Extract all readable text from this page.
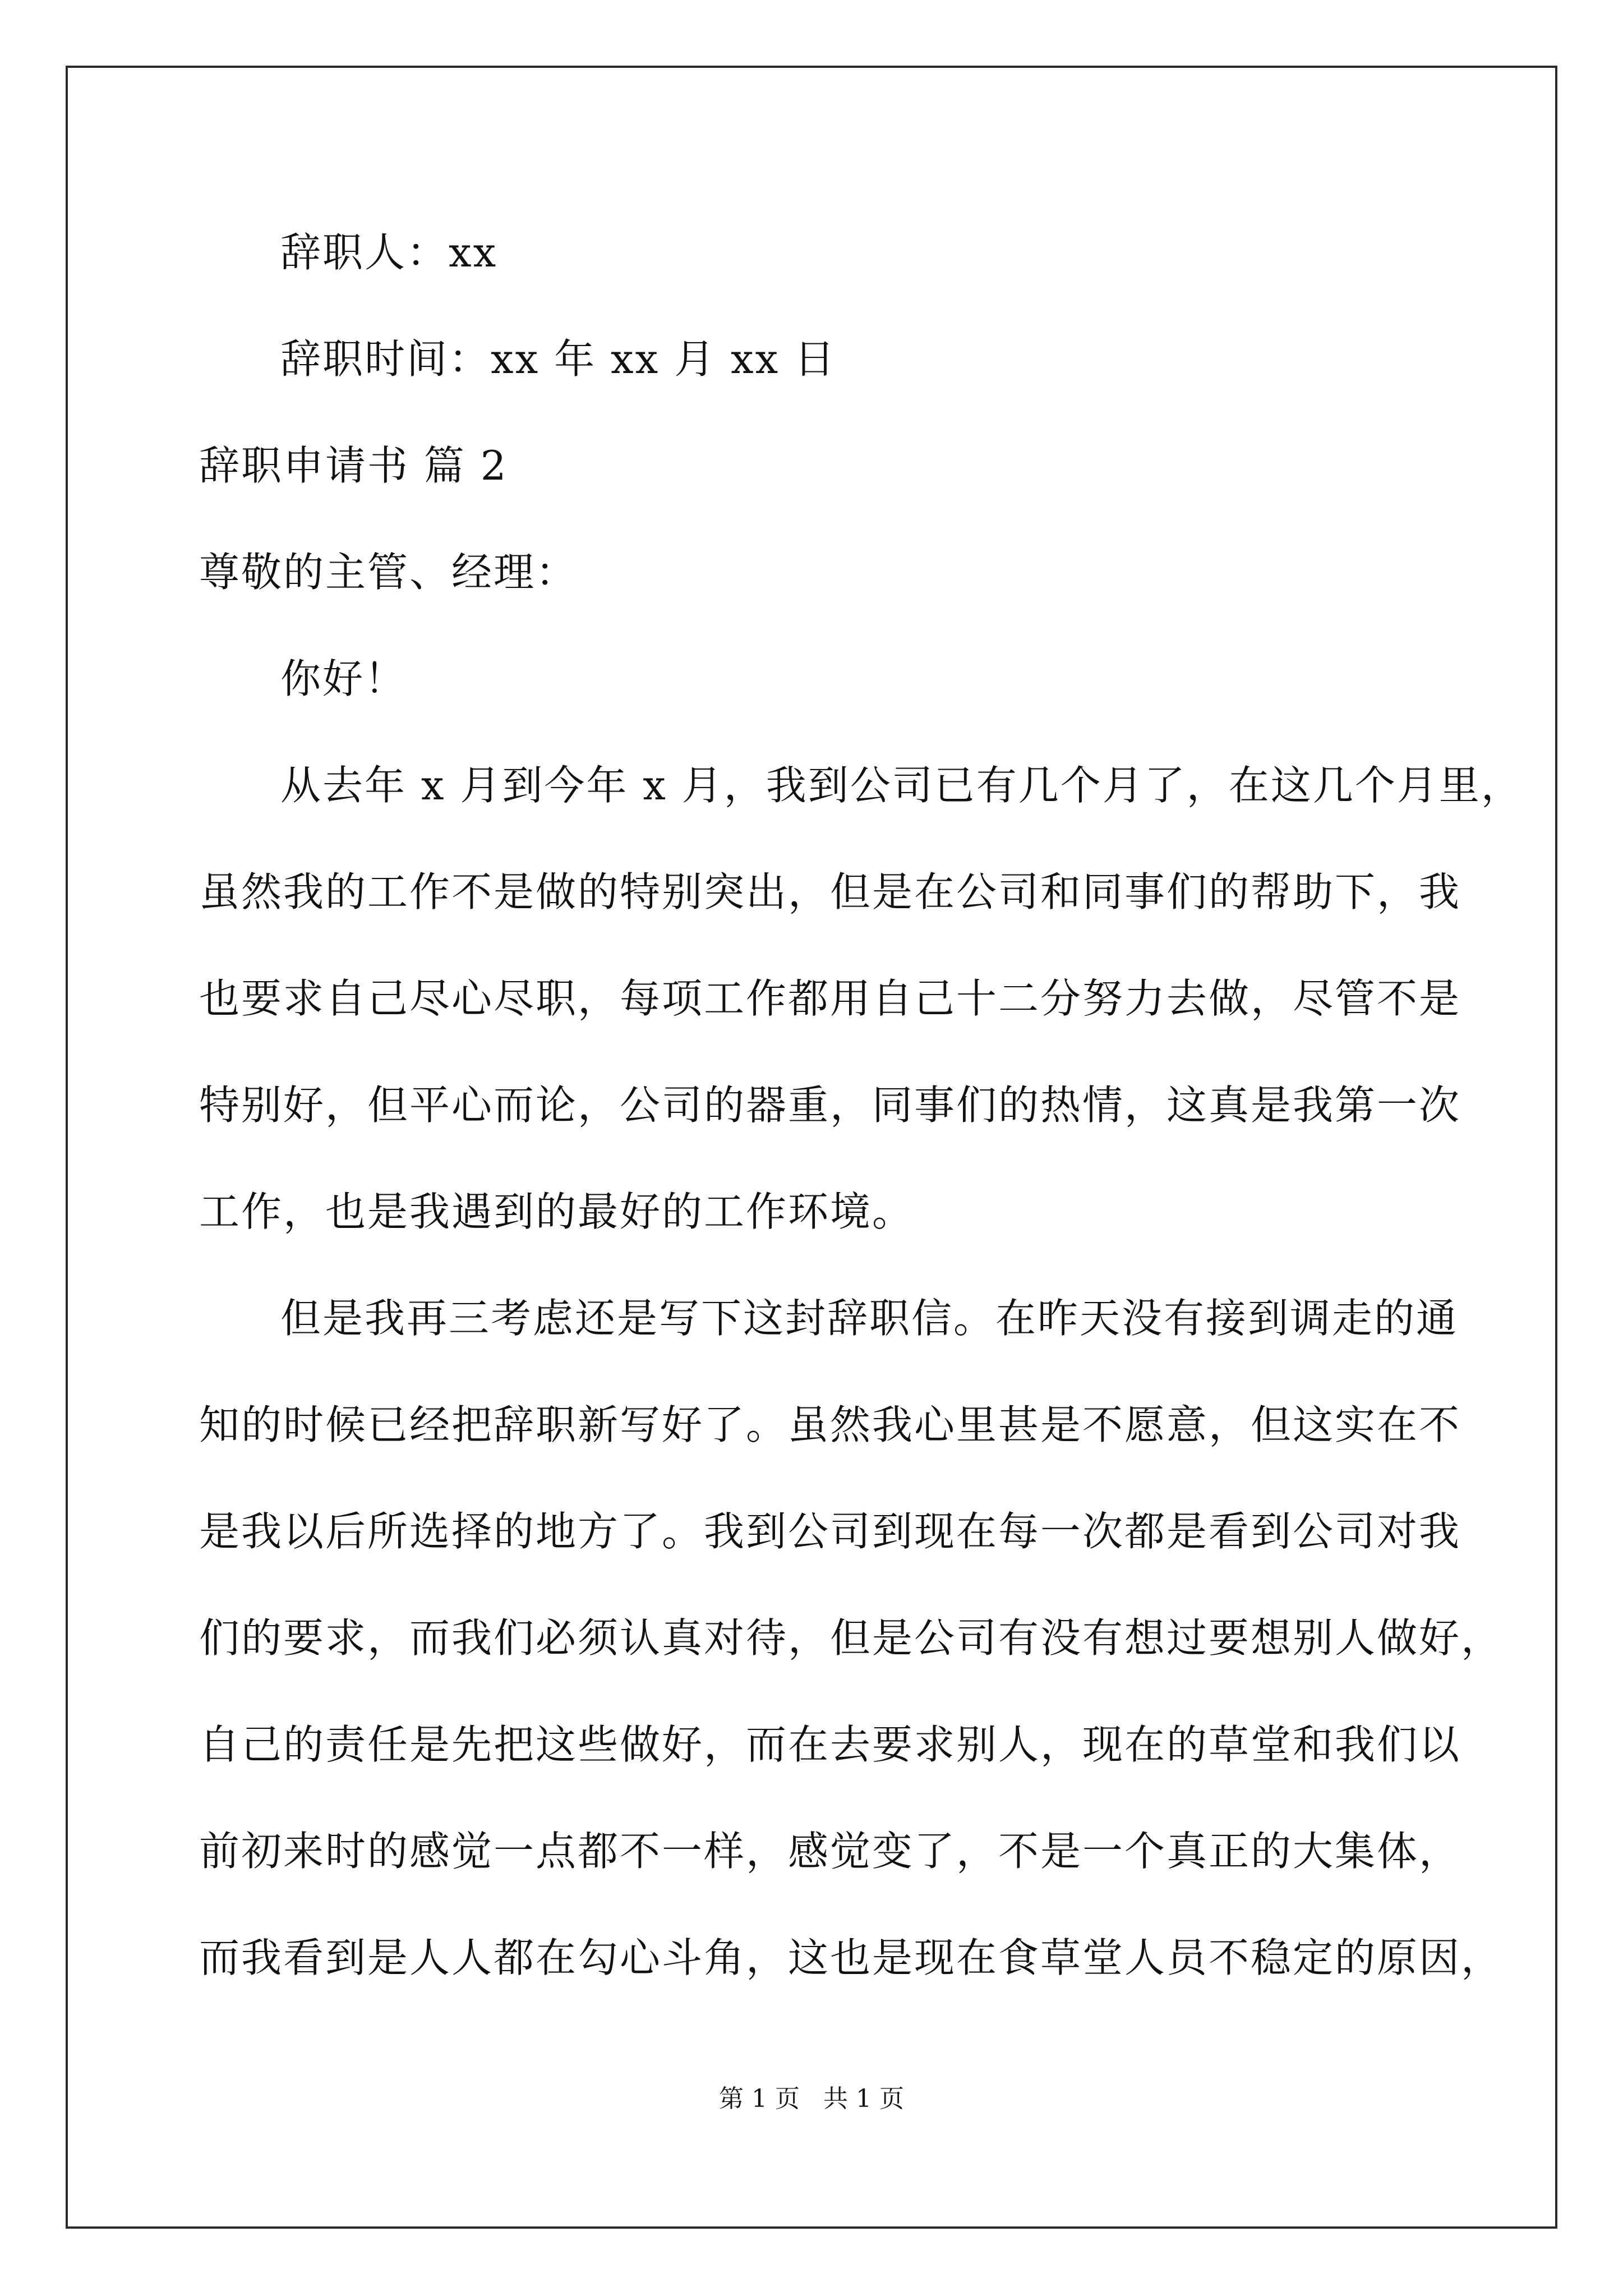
辞职人：xx
辞职时间：xx 年 xx 月 xx 日
辞职申请书 篇 2
尊敬的主管、经理：
你好！
从去年 x 月到今年 x 月，我到公司已有几个月了，在这几个月里，
虽然我的工作不是做的特别突出，但是在公司和同事们的帮助下，我
也要求自己尽心尽职，每项工作都用自己十二分努力去做，尽管不是
特别好，但平心而论，公司的器重，同事们的热情，这真是我第一次
工作，也是我遇到的最好的工作环境。
但是我再三考虑还是写下这封辞职信。在昨天没有接到调走的通
知的时候已经把辞职新写好了。虽然我心里甚是不愿意，但这实在不
是我以后所选择的地方了。我到公司到现在每一次都是看到公司对我
们的要求，而我们必须认真对待，但是公司有没有想过要想别人做好，
自己的责任是先把这些做好，而在去要求别人，现在的草堂和我们以
前初来时的感觉一点都不一样，感觉变了，不是一个真正的大集体，
而我看到是人人都在勾心斗角，这也是现在食草堂人员不稳定的原因，
第 1 页   共 1 页
